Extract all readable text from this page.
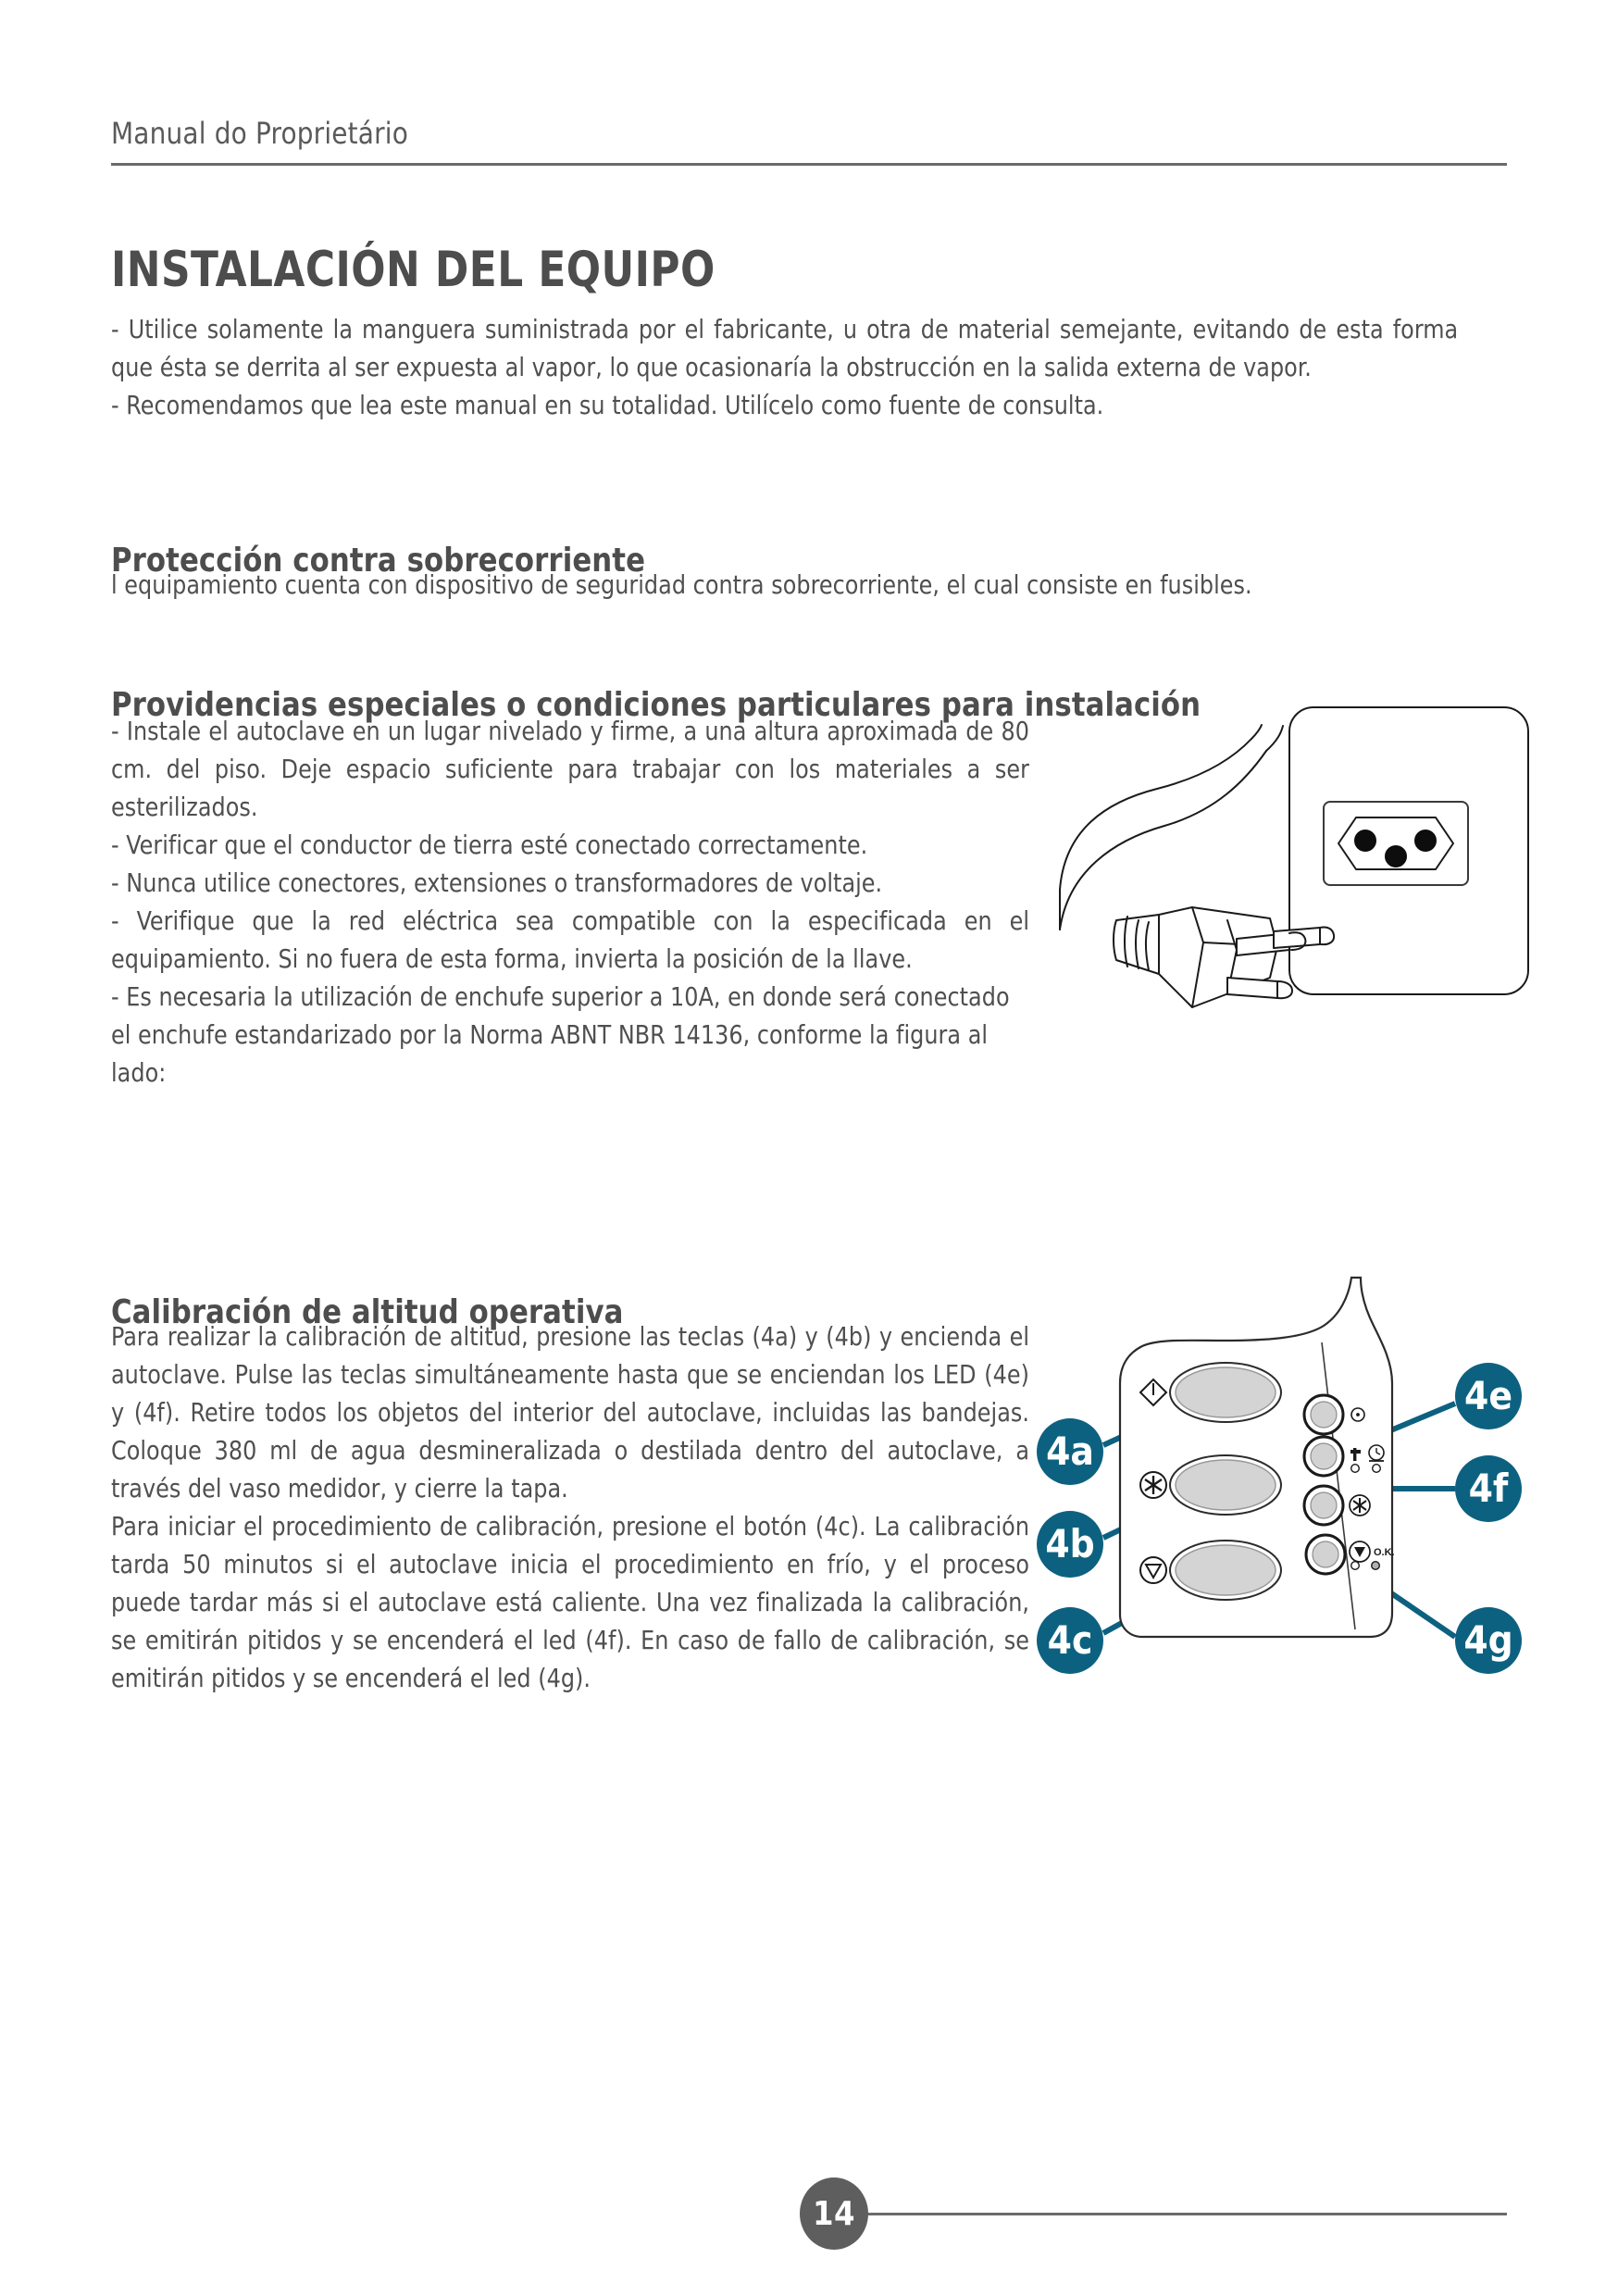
Manual do Proprietário
INSTALACIÓN DEL EQUIPO

- Utilice solamente la manguera suministrada por el fabricante, u otra de material semejante, evitando de esta forma que ésta se derrita al ser expuesta al vapor, lo que ocasionaría la obstrucción en la salida externa de vapor.

- Recomendamos que lea este manual en su totalidad. Utilícelo como fuente de consulta.

Protección contra sobrecorriente

l equipamiento cuenta con dispositivo de seguridad contra sobrecorriente, el cual consiste en fusibles.

Providencias especiales o condiciones particulares para instalación

- Instale el autoclave en un lugar nivelado y firme, a una altura aproximada de 80 cm. del piso. Deje espacio suficiente para trabajar con los materiales a ser esterilizados.

- Verificar que el conductor de tierra esté conectado correctamente.

- Nunca utilice conectores, extensiones o transformadores de voltaje.

- Verifique que la red eléctrica sea compatible con la especificada en el equipamiento. Si no fuera de esta forma, invierta la posición de la llave.

- Es necesaria la utilización de enchufe superior a 10A, en donde será conectado el enchufe estandarizado por la Norma ABNT NBR 14136, conforme la figura al lado:

Calibración de altitud operativa

Para realizar la calibración de altitud, presione las teclas (4a) y (4b) y encienda el autoclave. Pulse las teclas simultáneamente hasta que se enciendan los LED (4e) y (4f). Retire todos los objetos del interior del autoclave, incluidas las bandejas. Coloque 380 ml de agua desmineralizada o destilada dentro del autoclave, a través del vaso medidor, y cierre la tapa.

Para iniciar el procedimiento de calibración, presione el botón (4c). La calibración tarda 50 minutos si el autoclave inicia el procedimiento en frío, y el proceso puede tardar más si el autoclave está caliente. Una vez finalizada la calibración, se emitirán pitidos y se encenderá el led (4f). En caso de fallo de calibración, se emitirán pitidos y se encenderá el led (4g).

O.K.
4a
4b
4c
4e
4f
4g
14
